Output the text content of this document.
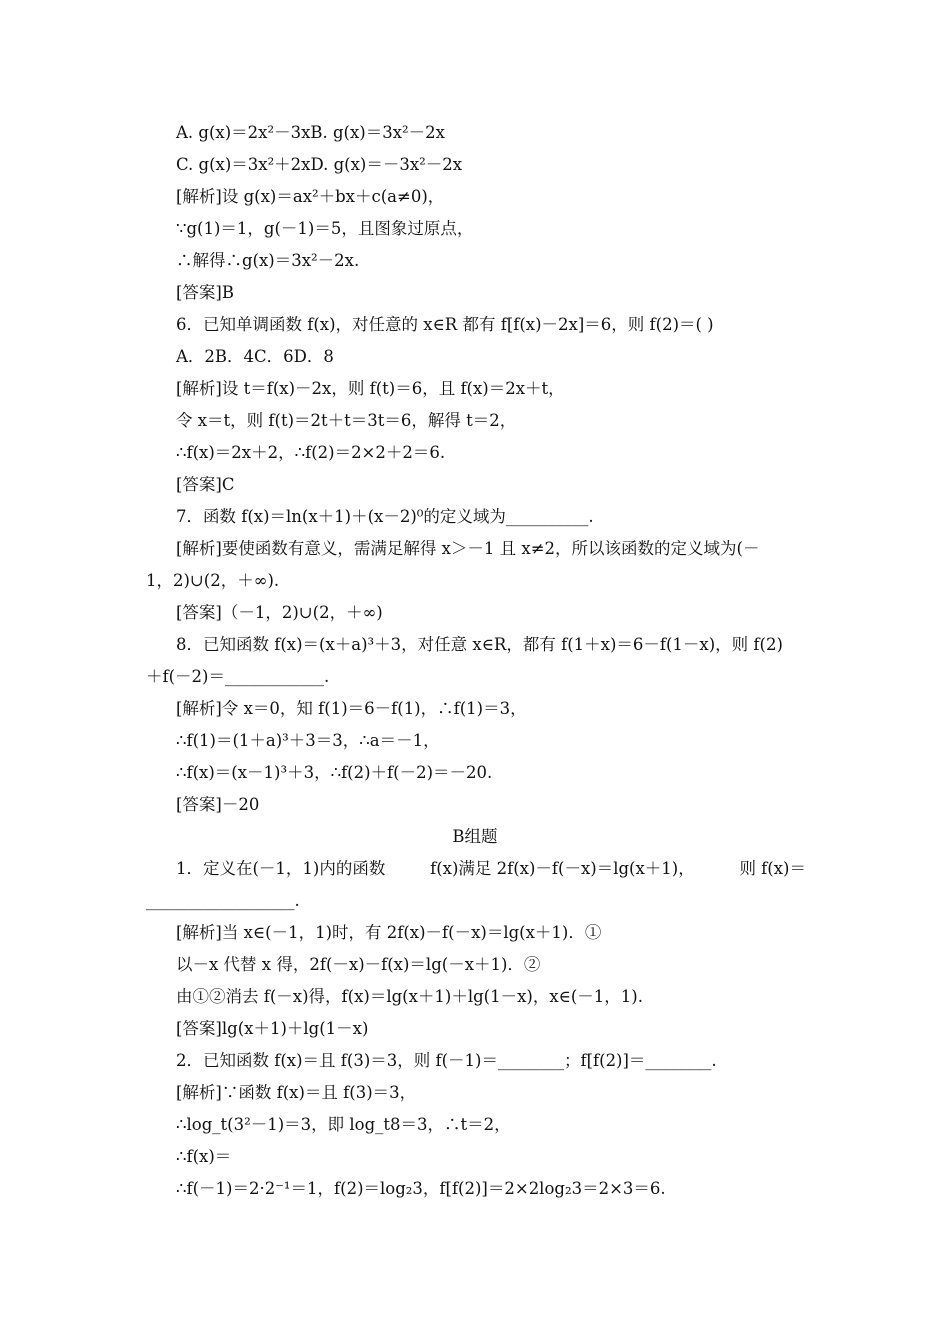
A. g(x)＝2x²－3xB. g(x)＝3x²－2x
C. g(x)＝3x²＋2xD. g(x)＝－3x²－2x
[解析]设 g(x)＝ax²＋bx＋c(a≠0)，
∵g(1)＝1，g(－1)＝5，且图象过原点，
∴解得∴g(x)＝3x²－2x.
[答案]B
6．已知单调函数 f(x)，对任意的 x∈R 都有 f[f(x)－2x]＝6，则 f(2)＝( )
A．2B．4C．6D．8
[解析]设 t＝f(x)－2x，则 f(t)＝6，且 f(x)＝2x＋t，
令 x＝t，则 f(t)＝2t＋t＝3t＝6，解得 t＝2，
∴f(x)＝2x＋2，∴f(2)＝2×2＋2＝6.
[答案]C
7．函数 f(x)＝ln(x＋1)＋(x－2)⁰的定义域为__________.
[解析]要使函数有意义，需满足解得 x＞－1 且 x≠2，所以该函数的定义域为(－
1，2)∪(2，＋∞).
[答案]（－1，2)∪(2，＋∞)
8．已知函数 f(x)＝(x＋a)³＋3，对任意 x∈R，都有 f(1＋x)＝6－f(1－x)，则 f(2)
＋f(－2)＝____________.
[解析]令 x＝0，知 f(1)＝6－f(1)，∴f(1)＝3，
∴f(1)＝(1＋a)³＋3＝3，∴a＝－1，
∴f(x)＝(x－1)³＋3，∴f(2)＋f(－2)＝－20.
[答案]－20
B组题
1．定义在(－1，1)内的函数	f(x)满足 2f(x)－f(－x)＝lg(x＋1)，	则 f(x)＝
__________________.
[解析]当 x∈(－1，1)时，有 2f(x)－f(－x)＝lg(x＋1)．①
以－x 代替 x 得，2f(－x)－f(x)＝lg(－x＋1)．②
由①②消去 f(－x)得，f(x)＝lg(x＋1)＋lg(1－x)，x∈(－1，1).
[答案]lg(x＋1)＋lg(1－x)
2．已知函数 f(x)＝且 f(3)＝3，则 f(－1)＝________；f[f(2)]＝________.
[解析]∵函数 f(x)＝且 f(3)＝3，
∴log_t(3²－1)＝3，即 log_t8＝3，∴t＝2，
∴f(x)＝
∴f(－1)＝2·2⁻¹＝1，f(2)＝log₂3，f[f(2)]＝2×2log₂3＝2×3＝6.
